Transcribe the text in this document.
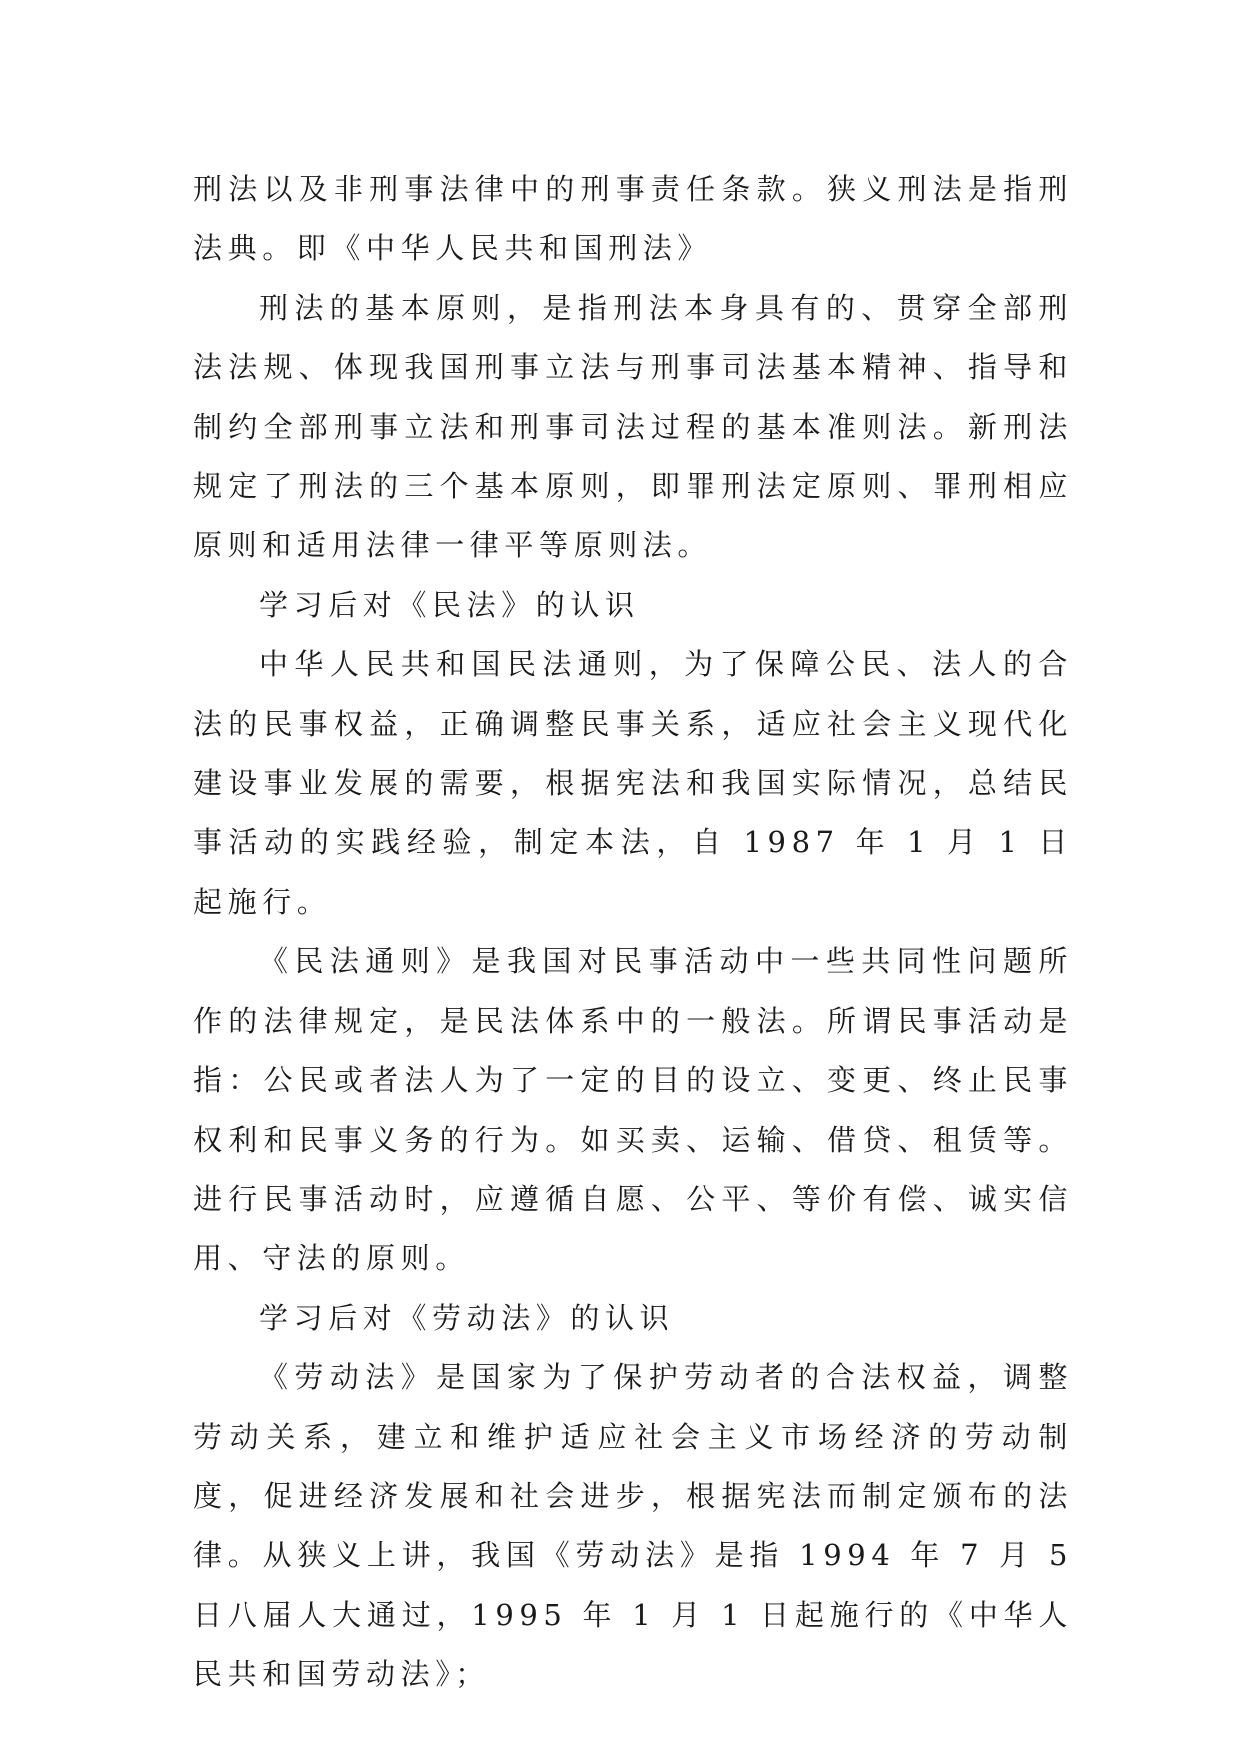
刑法以及非刑事法律中的刑事责任条款。狭义刑法是指刑法典。即《中华人民共和国刑法》

刑法的基本原则，是指刑法本身具有的、贯穿全部刑法法规、体现我国刑事立法与刑事司法基本精神、指导和制约全部刑事立法和刑事司法过程的基本准则法。新刑法规定了刑法的三个基本原则，即罪刑法定原则、罪刑相应原则和适用法律一律平等原则法。

学习后对《民法》的认识

中华人民共和国民法通则，为了保障公民、法人的合法的民事权益，正确调整民事关系，适应社会主义现代化建设事业发展的需要，根据宪法和我国实际情况，总结民事活动的实践经验，制定本法，自 1987 年 1 月 1 日起施行。

《民法通则》是我国对民事活动中一些共同性问题所作的法律规定，是民法体系中的一般法。所谓民事活动是指：公民或者法人为了一定的目的设立、变更、终止民事权利和民事义务的行为。如买卖、运输、借贷、租赁等。进行民事活动时，应遵循自愿、公平、等价有偿、诚实信用、守法的原则。

学习后对《劳动法》的认识

《劳动法》是国家为了保护劳动者的合法权益，调整劳动关系，建立和维护适应社会主义市场经济的劳动制度，促进经济发展和社会进步，根据宪法而制定颁布的法律。从狭义上讲，我国《劳动法》是指 1994 年 7 月 5 日八届人大通过，1995 年 1 月 1 日起施行的《中华人民共和国劳动法》；
